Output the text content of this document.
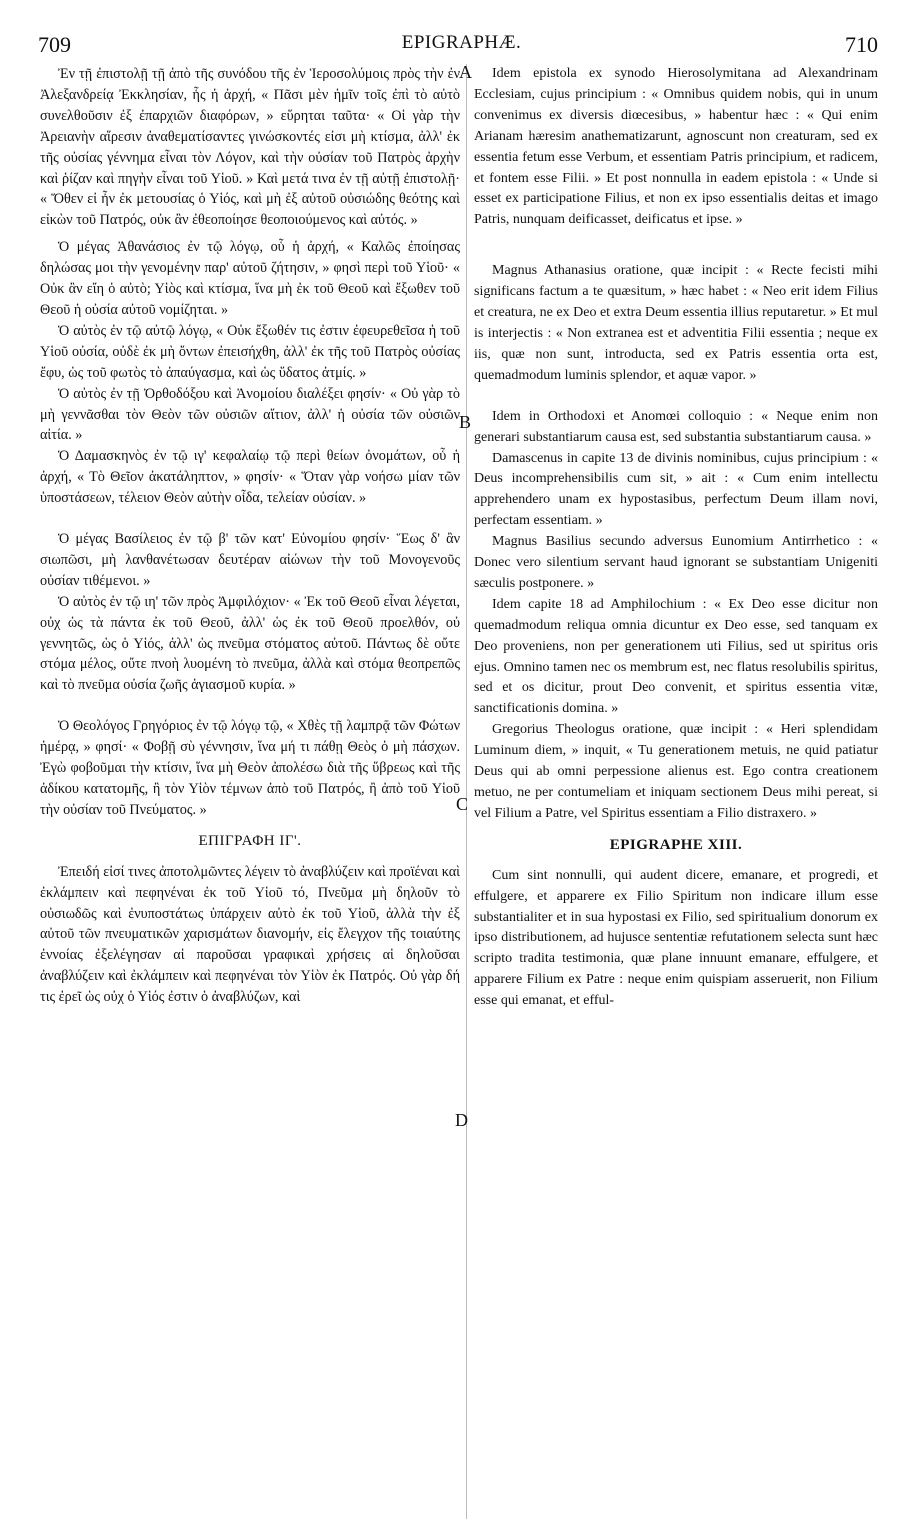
709	EPIGRAPHÆ.	710
A
B
C
D

Ἐν τῇ ἐπιστολῇ τῇ ἀπὸ τῆς συνόδου τῆς ἐν Ἱεροσολύμοις πρὸς τὴν ἐν Ἀλεξανδρείᾳ Ἐκκλησίαν, ἧς ἡ ἀρχή, « Πᾶσι μὲν ἡμῖν τοῖς ἐπὶ τὸ αὐτὸ συνελθοῦσιν ἐξ ἐπαρχιῶν διαφόρων, » εὕρηται ταῦτα· « Οἱ γὰρ τὴν Ἀρειανὴν αἵρεσιν ἀναθεματίσαντες γινώσκοντές εἰσι μὴ κτίσμα, ἀλλ' ἐκ τῆς οὐσίας γέννημα εἶναι τὸν Λόγον, καὶ τὴν οὐσίαν τοῦ Πατρὸς ἀρχὴν καὶ ῥίζαν καὶ πηγὴν εἶναι τοῦ Υἱοῦ. » Καὶ μετά τινα ἐν τῇ αὐτῇ ἐπιστολῇ· « Ὅθεν εἰ ἦν ἐκ μετουσίας ὁ Υἱός, καὶ μὴ ἐξ αὐτοῦ οὐσιώδης θεότης καὶ εἰκὼν τοῦ Πατρός, οὐκ ἂν ἐθεοποίησε θεοποιούμενος καὶ αὐτός. »

Ὁ μέγας Ἀθανάσιος ἐν τῷ λόγῳ, οὗ ἡ ἀρχή, « Καλῶς ἐποίησας δηλώσας μοι τὴν γενομένην παρ' αὐτοῦ ζήτησιν, » φησὶ περὶ τοῦ Υἱοῦ· « Οὐκ ἂν εἴη ὁ αὐτὸ; Υἱὸς καὶ κτίσμα, ἵνα μὴ ἐκ τοῦ Θεοῦ καὶ ἔξωθεν τοῦ Θεοῦ ἡ οὐσία αὐτοῦ νομίζηται. »

Ὁ αὐτὸς ἐν τῷ αὐτῷ λόγῳ, « Οὐκ ἔξωθέν τις ἐστιν ἐφευρεθεῖσα ἡ τοῦ Υἱοῦ οὐσία, οὐδὲ ἐκ μὴ ὄντων ἐπεισήχθη, ἀλλ' ἐκ τῆς τοῦ Πατρὸς οὐσίας ἔφυ, ὡς τοῦ φωτὸς τὸ ἀπαύγασμα, καὶ ὡς ὕδατος ἀτμίς. »

Ὁ αὐτὸς ἐν τῇ Ὀρθοδόξου καὶ Ἀνομοίου διαλέξει φησίν· « Οὐ γὰρ τὸ μὴ γεννᾶσθαι τὸν Θεὸν τῶν οὐσιῶν αἴτιον, ἀλλ' ἡ οὐσία τῶν οὐσιῶν αἰτία. »

Ὁ Δαμασκηνὸς ἐν τῷ ιγ' κεφαλαίῳ τῷ περὶ θείων ὀνομάτων, οὗ ἡ ἀρχή, « Τὸ Θεῖον ἀκατάληπτον, » φησίν· « Ὅταν γὰρ νοήσω μίαν τῶν ὑποστάσεων, τέλειον Θεὸν αὐτὴν οἶδα, τελείαν οὐσίαν. »

Ὁ μέγας Βασίλειος ἐν τῷ β' τῶν κατ' Εὐνομίου φησίν· Ἕως δ' ἂν σιωπῶσι, μὴ λανθανέτωσαν δευτέραν αἰώνων τὴν τοῦ Μονογενοῦς οὐσίαν τιθέμενοι. »

Ὁ αὐτὸς ἐν τῷ ιη' τῶν πρὸς Ἀμφιλόχιον· « Ἐκ τοῦ Θεοῦ εἶναι λέγεται, οὐχ ὡς τὰ πάντα ἐκ τοῦ Θεοῦ, ἀλλ' ὡς ἐκ τοῦ Θεοῦ προελθόν, οὐ γεννητῶς, ὡς ὁ Υἱός, ἀλλ' ὡς πνεῦμα στόματος αὐτοῦ. Πάντως δὲ οὔτε στόμα μέλος, οὔτε πνοὴ λυομένη τὸ πνεῦμα, ἀλλὰ καὶ στόμα θεοπρεπῶς καὶ τὸ πνεῦμα οὐσία ζωῆς ἁγιασμοῦ κυρία. »

Ὁ Θεολόγος Γρηγόριος ἐν τῷ λόγῳ τῷ, « Χθὲς τῇ λαμπρᾷ τῶν Φώτων ἡμέρᾳ, » φησί· « Φοβῇ σὺ γέννησιν, ἵνα μή τι πάθῃ Θεὸς ὁ μὴ πάσχων. Ἐγὼ φοβοῦμαι τὴν κτίσιν, ἵνα μὴ Θεὸν ἀπολέσω διὰ τῆς ὕβρεως καὶ τῆς ἀδίκου κατατομῆς, ἢ τὸν Υἱὸν τέμνων ἀπὸ τοῦ Πατρός, ἢ ἀπὸ τοῦ Υἱοῦ τὴν οὐσίαν τοῦ Πνεύματος. »

ΕΠΙΓΡΑΦΗ ΙΓ'.

Ἐπειδή εἰσί τινες ἀποτολμῶντες λέγειν τὸ ἀναβλύζειν καὶ προϊέναι καὶ ἐκλάμπειν καὶ πεφηνέναι ἐκ τοῦ Υἱοῦ τό, Πνεῦμα μὴ δηλοῦν τὸ οὐσιωδῶς καὶ ἐνυποστάτως ὑπάρχειν αὐτὸ ἐκ τοῦ Υἱοῦ, ἀλλὰ τὴν ἐξ αὐτοῦ τῶν πνευματικῶν χαρισμάτων διανομήν, εἰς ἔλεγχον τῆς τοιαύτης ἐννοίας ἐξελέγησαν αἱ παροῦσαι γραφικαὶ χρήσεις αἱ δηλοῦσαι ἀναβλύζειν καὶ ἐκλάμπειν καὶ πεφηνέναι τὸν Υἱὸν ἐκ Πατρός. Οὐ γὰρ δή τις ἐρεῖ ὡς οὐχ ὁ Υἱός ἐστιν ὁ ἀναβλύζων, καὶ

Idem epistola ex synodo Hierosolymitana ad Alexandrinam Ecclesiam, cujus principium : « Omnibus quidem nobis, qui in unum convenimus ex diversis diœcesibus, » habentur hæc : « Qui enim Arianam hæresim anathematizarunt, agnoscunt non creaturam, sed ex essentia fetum esse Verbum, et essentiam Patris principium, et radicem, et fontem esse Filii. » Et post nonnulla in eadem epistola : « Unde si esset ex participatione Filius, et non ex ipso essentialis deitas et imago Patris, nunquam deificasset, deificatus et ipse. »

Magnus Athanasius oratione, quæ incipit : « Recte fecisti mihi significans factum a te quæsitum, » hæc habet : « Neo erit idem Filius et creatura, ne ex Deo et extra Deum essentia illius reputaretur. » Et mul is interjectis : « Non extranea est et adventitia Filii essentia ; neque ex iis, quæ non sunt, introducta, sed ex Patris essentia orta est, quemadmodum luminis splendor, et aquæ vapor. »

Idem in Orthodoxi et Anomœi colloquio : « Neque enim non generari substantiarum causa est, sed substantia substantiarum causa. »

Damascenus in capite 13 de divinis nominibus, cujus principium : « Deus incomprehensibilis cum sit, » ait : « Cum enim intellectu apprehendero unam ex hypostasibus, perfectum Deum illam novi, perfectam essentiam. »

Magnus Basilius secundo adversus Eunomium Antirrhetico : « Donec vero silentium servant haud ignorant se substantiam Unigeniti sæculis postponere. »

Idem capite 18 ad Amphilochium : « Ex Deo esse dicitur non quemadmodum reliqua omnia dicuntur ex Deo esse, sed tanquam ex Deo proveniens, non per generationem uti Filius, sed ut spiritus oris ejus. Omnino tamen nec os membrum est, nec flatus resolubilis spiritus, sed et os dicitur, prout Deo convenit, et spiritus essentia vitæ, sanctificationis domina. »

Gregorius Theologus oratione, quæ incipit : « Heri splendidam Luminum diem, » inquit, « Tu generationem metuis, ne quid patiatur Deus qui ab omni perpessione alienus est. Ego contra creationem metuo, ne per contumeliam et iniquam sectionem Deus mihi pereat, si vel Filium a Patre, vel Spiritus essentiam a Filio distraxero. »

EPIGRAPHE XIII.

Cum sint nonnulli, qui audent dicere, emanare, et progredi, et effulgere, et apparere ex Filio Spiritum non indicare illum esse substantialiter et in sua hypostasi ex Filio, sed spiritualium donorum ex ipso distributionem, ad hujusce sententiæ refutationem selecta sunt hæc scripto tradita testimonia, quæ plane innuunt emanare, effulgere, et apparere Filium ex Patre : neque enim quispiam asseruerit, non Filium esse qui emanat, et efful-
